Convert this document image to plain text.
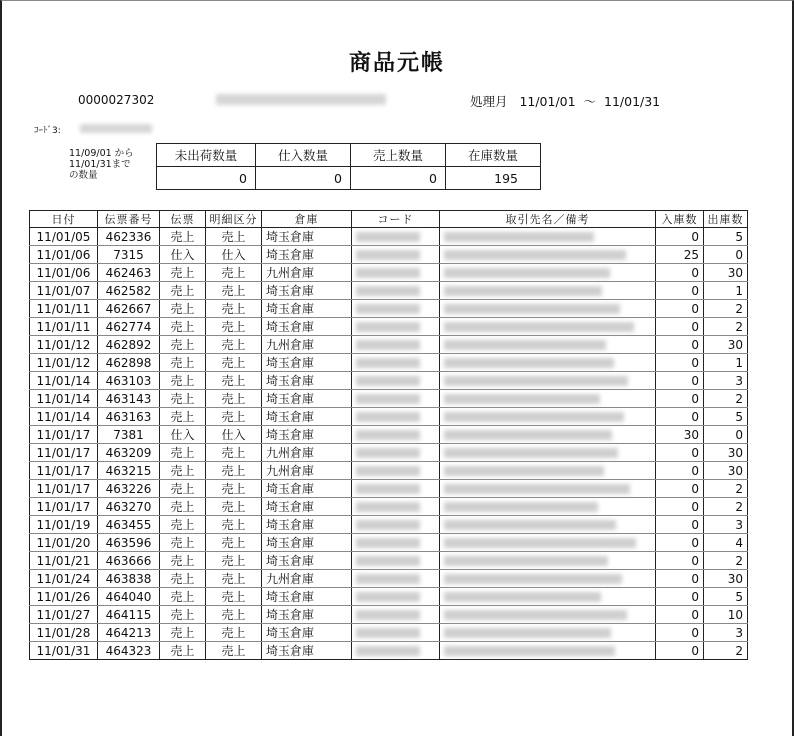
商品元帳
0000027302	処理月 11/01/01 ～ 11/01/31
ｺｰﾄﾞ3:
11/09/01 から
11/01/31まで
の数量
未出荷数量	仕入数量	売上数量	在庫数量
0	0	0	195
日付	伝票番号	伝票	明細区分	倉庫	コード	取引先名／備考	入庫数	出庫数
11/01/05	462336	売上	売上	埼玉倉庫			0	5
11/01/06	7315	仕入	仕入	埼玉倉庫			25	0
11/01/06	462463	売上	売上	九州倉庫			0	30
11/01/07	462582	売上	売上	埼玉倉庫			0	1
11/01/11	462667	売上	売上	埼玉倉庫			0	2
11/01/11	462774	売上	売上	埼玉倉庫			0	2
11/01/12	462892	売上	売上	九州倉庫			0	30
11/01/12	462898	売上	売上	埼玉倉庫			0	1
11/01/14	463103	売上	売上	埼玉倉庫			0	3
11/01/14	463143	売上	売上	埼玉倉庫			0	2
11/01/14	463163	売上	売上	埼玉倉庫			0	5
11/01/17	7381	仕入	仕入	埼玉倉庫			30	0
11/01/17	463209	売上	売上	九州倉庫			0	30
11/01/17	463215	売上	売上	九州倉庫			0	30
11/01/17	463226	売上	売上	埼玉倉庫			0	2
11/01/17	463270	売上	売上	埼玉倉庫			0	2
11/01/19	463455	売上	売上	埼玉倉庫			0	3
11/01/20	463596	売上	売上	埼玉倉庫			0	4
11/01/21	463666	売上	売上	埼玉倉庫			0	2
11/01/24	463838	売上	売上	九州倉庫			0	30
11/01/26	464040	売上	売上	埼玉倉庫			0	5
11/01/27	464115	売上	売上	埼玉倉庫			0	10
11/01/28	464213	売上	売上	埼玉倉庫			0	3
11/01/31	464323	売上	売上	埼玉倉庫			0	2
